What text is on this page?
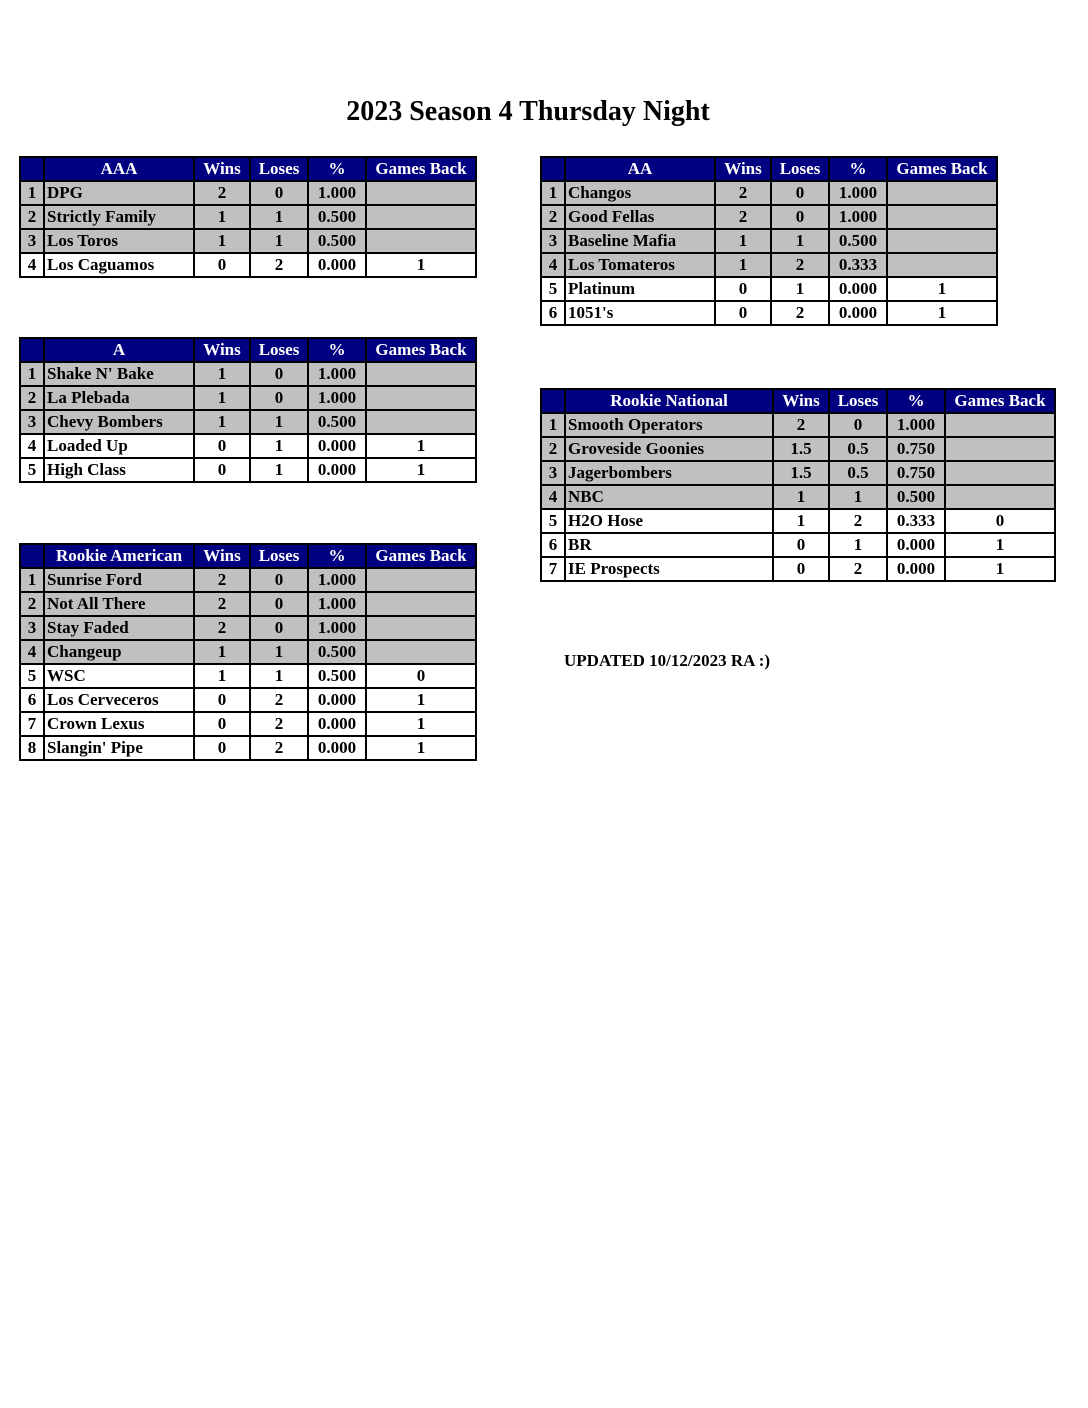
2023 Season 4 Thursday Night
	AAA	Wins	Loses	%	Games Back
1	DPG	2	0	1.000	
2	Strictly Family	1	1	0.500	
3	Los Toros	1	1	0.500	
4	Los Caguamos	0	2	0.000	1
	AA	Wins	Loses	%	Games Back
1	Changos	2	0	1.000	
2	Good Fellas	2	0	1.000	
3	Baseline Mafia	1	1	0.500	
4	Los Tomateros	1	2	0.333	
5	Platinum	0	1	0.000	1
6	1051's	0	2	0.000	1
	A	Wins	Loses	%	Games Back
1	Shake N' Bake	1	0	1.000	
2	La Plebada	1	0	1.000	
3	Chevy Bombers	1	1	0.500	
4	Loaded Up	0	1	0.000	1
5	High Class	0	1	0.000	1
	Rookie National	Wins	Loses	%	Games Back
1	Smooth Operators	2	0	1.000	
2	Groveside Goonies	1.5	0.5	0.750	
3	Jagerbombers	1.5	0.5	0.750	
4	NBC	1	1	0.500	
5	H2O Hose	1	2	0.333	0
6	BR	0	1	0.000	1
7	IE Prospects	0	2	0.000	1
	Rookie American	Wins	Loses	%	Games Back
1	Sunrise Ford	2	0	1.000	
2	Not All There	2	0	1.000	
3	Stay Faded	2	0	1.000	
4	Changeup	1	1	0.500	
5	WSC	1	1	0.500	0
6	Los Cerveceros	0	2	0.000	1
7	Crown Lexus	0	2	0.000	1
8	Slangin' Pipe	0	2	0.000	1
UPDATED 10/12/2023 RA :)
